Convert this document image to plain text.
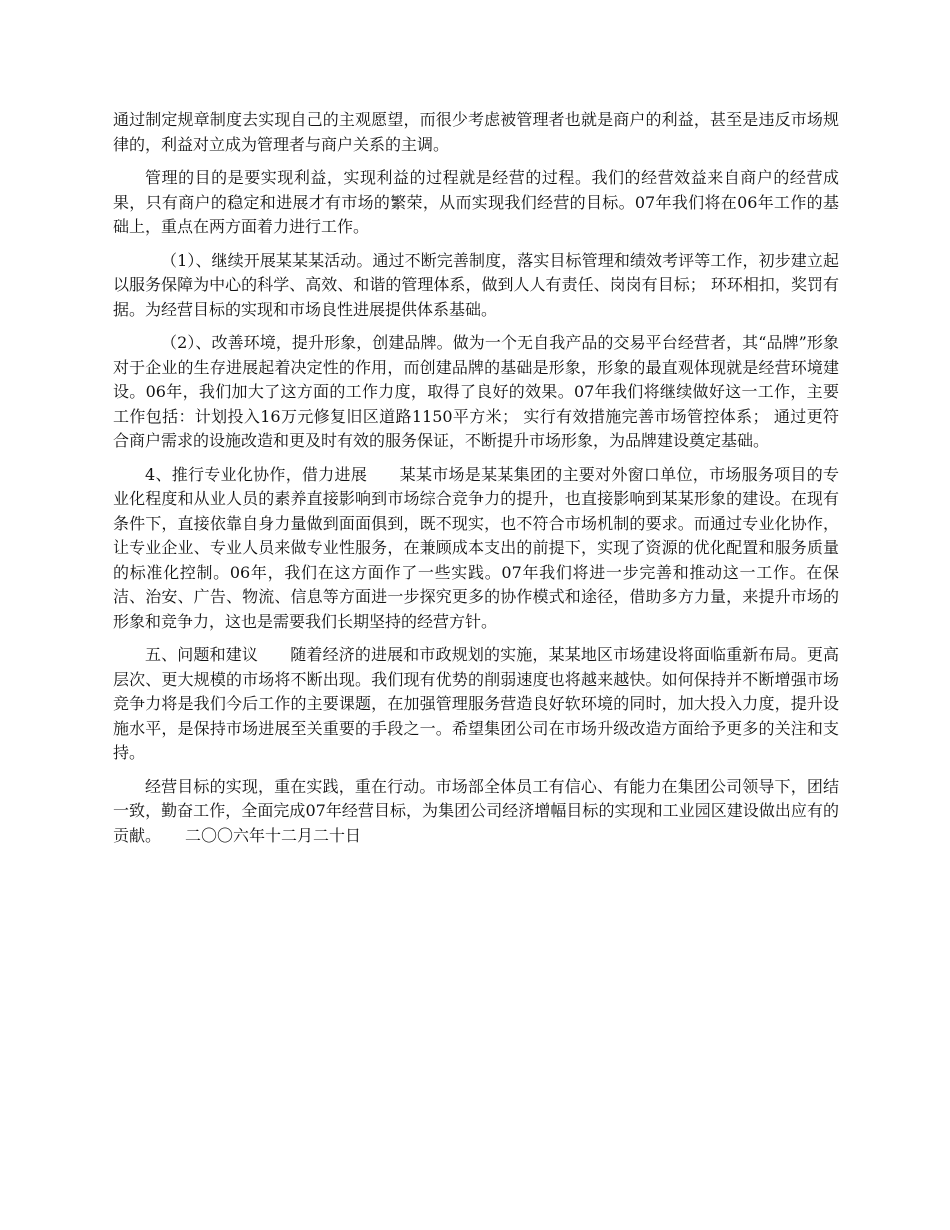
通过制定规章制度去实现自己的主观愿望，而很少考虑被管理者也就是商户的利益，甚至是违反市场规律的，利益对立成为管理者与商户关系的主调。

管理的目的是要实现利益，实现利益的过程就是经营的过程。我们的经营效益来自商户的经营成果，只有商户的稳定和进展才有市场的繁荣，从而实现我们经营的目标。07年我们将在06年工作的基础上，重点在两方面着力进行工作。

（1）、继续开展某某某活动。通过不断完善制度，落实目标管理和绩效考评等工作，初步建立起以服务保障为中心的科学、高效、和谐的管理体系，做到人人有责任、岗岗有目标； 环环相扣，奖罚有据。为经营目标的实现和市场良性进展提供体系基础。

（2）、改善环境，提升形象，创建品牌。做为一个无自我产品的交易平台经营者，其“品牌”形象对于企业的生存进展起着决定性的作用，而创建品牌的基础是形象，形象的最直观体现就是经营环境建设。06年，我们加大了这方面的工作力度，取得了良好的效果。07年我们将继续做好这一工作，主要工作包括：计划投入16万元修复旧区道路1150平方米； 实行有效措施完善市场管控体系； 通过更符合商户需求的设施改造和更及时有效的服务保证，不断提升市场形象，为品牌建设奠定基础。

4、推行专业化协作，借力进展　　某某市场是某某集团的主要对外窗口单位，市场服务项目的专业化程度和从业人员的素养直接影响到市场综合竞争力的提升，也直接影响到某某形象的建设。在现有条件下，直接依靠自身力量做到面面俱到，既不现实，也不符合市场机制的要求。而通过专业化协作，让专业企业、专业人员来做专业性服务，在兼顾成本支出的前提下，实现了资源的优化配置和服务质量的标准化控制。06年，我们在这方面作了一些实践。07年我们将进一步完善和推动这一工作。在保洁、治安、广告、物流、信息等方面进一步探究更多的协作模式和途径，借助多方力量，来提升市场的形象和竞争力，这也是需要我们长期坚持的经营方针。

五、问题和建议　　随着经济的进展和市政规划的实施，某某地区市场建设将面临重新布局。更高层次、更大规模的市场将不断出现。我们现有优势的削弱速度也将越来越快。如何保持并不断增强市场竞争力将是我们今后工作的主要课题，在加强管理服务营造良好软环境的同时，加大投入力度，提升设施水平，是保持市场进展至关重要的手段之一。希望集团公司在市场升级改造方面给予更多的关注和支持。

经营目标的实现，重在实践，重在行动。市场部全体员工有信心、有能力在集团公司领导下，团结一致，勤奋工作，全面完成07年经营目标，为集团公司经济增幅目标的实现和工业园区建设做出应有的贡献。　　二〇〇六年十二月二十日
